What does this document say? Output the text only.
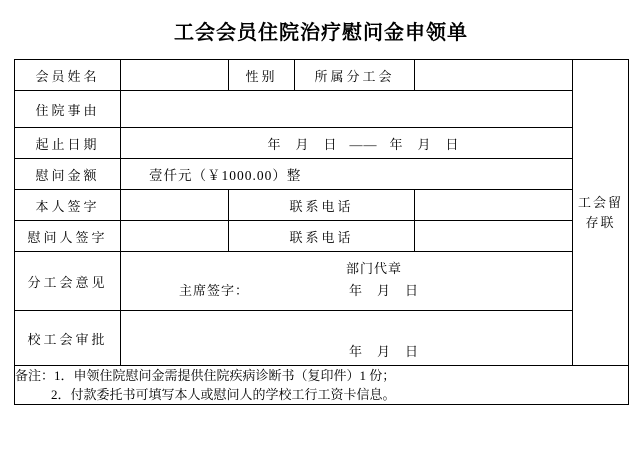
工会会员住院治疗慰问金申领单
会员姓名		性别	所属分工会		工会留存联
住院事由					
起止日期	年　月　日 —— 年　月　日				

慰问金额	壹仟元（￥1000.00）整				

本人签字		联系电话			
慰问人签字		联系电话			
分工会意见	部门代章
主席签字： 年　月　日				

校工会审批	年　月　日				

备注：1．申领住院慰问金需提供住院疾病诊断书（复印件）1 份；
2．付款委托书可填写本人或慰问人的学校工行工资卡信息。					
